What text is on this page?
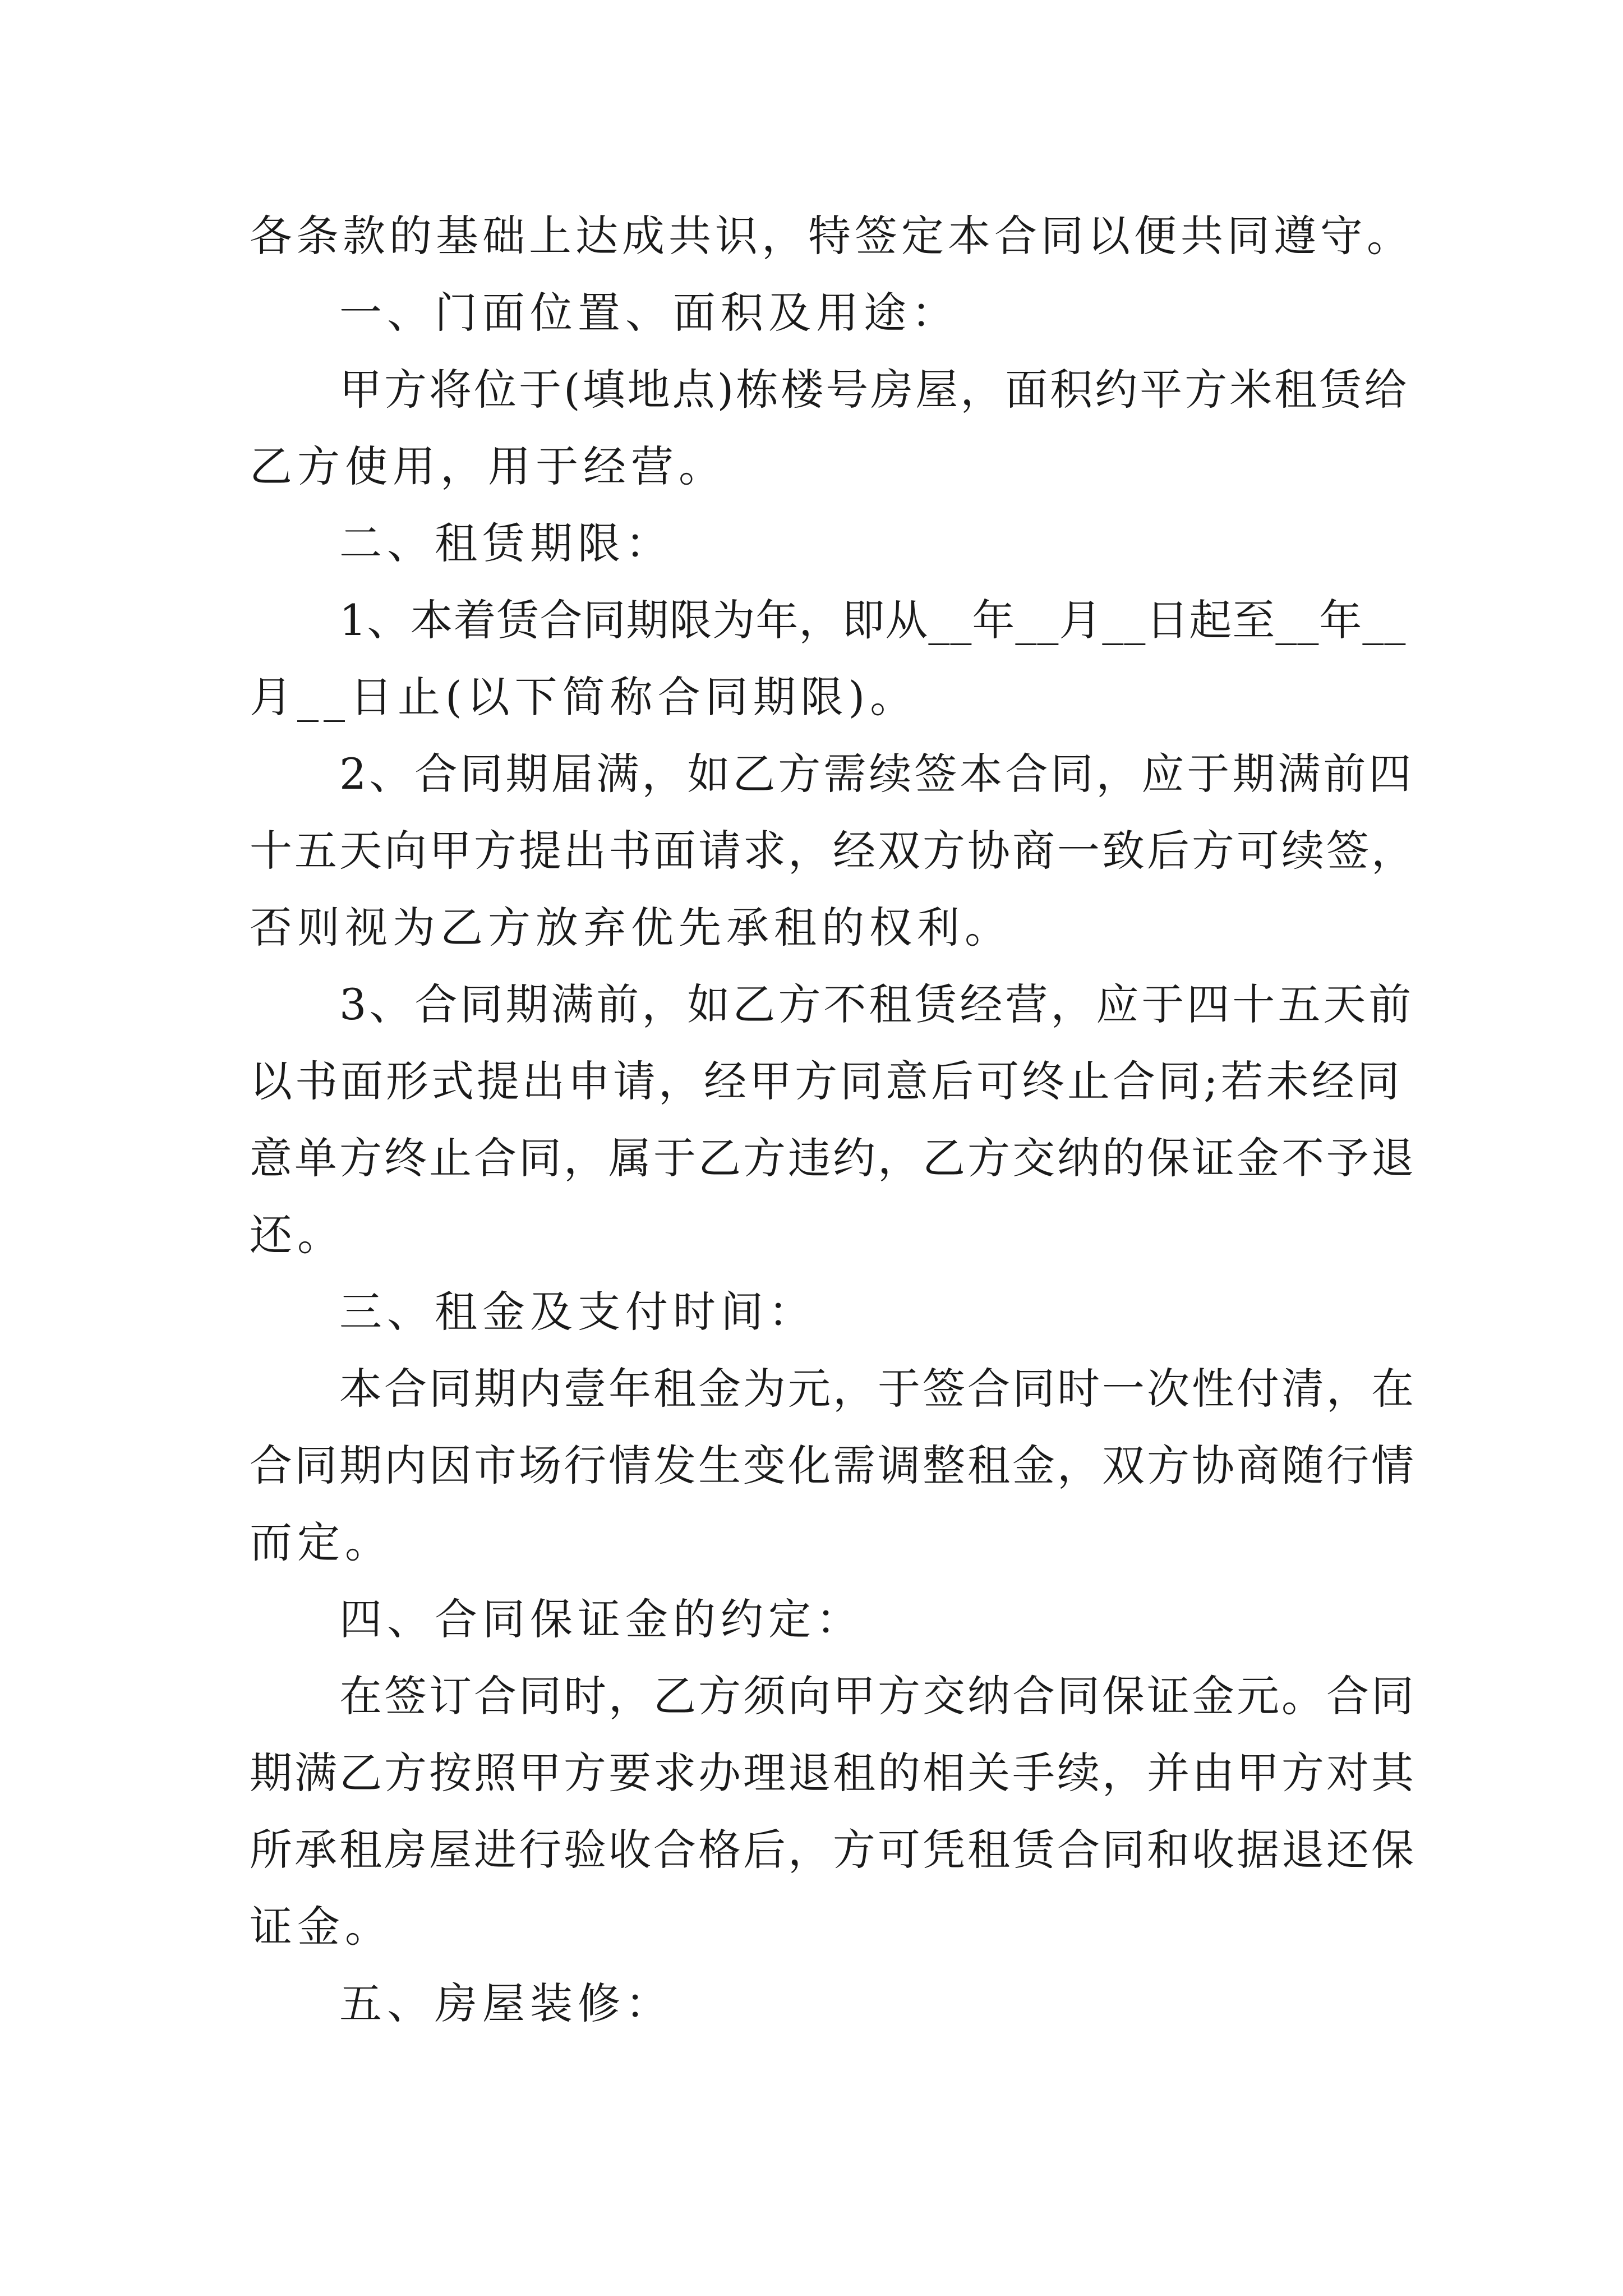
各条款的基础上达成共识，特签定本合同以便共同遵守。
一、门面位置、面积及用途：
甲方将位于(填地点)栋楼号房屋，面积约平方米租赁给
乙方使用，用于经营。
二、租赁期限：
1、本着赁合同期限为年，即从__年__月__日起至__年__
月__日止(以下简称合同期限)。
2、合同期届满，如乙方需续签本合同，应于期满前四
十五天向甲方提出书面请求，经双方协商一致后方可续签，
否则视为乙方放弃优先承租的权利。
3、合同期满前，如乙方不租赁经营，应于四十五天前
以书面形式提出申请，经甲方同意后可终止合同;若未经同
意单方终止合同，属于乙方违约，乙方交纳的保证金不予退
还。
三、租金及支付时间：
本合同期内壹年租金为元，于签合同时一次性付清，在
合同期内因市场行情发生变化需调整租金，双方协商随行情
而定。
四、合同保证金的约定：
在签订合同时，乙方须向甲方交纳合同保证金元。合同
期满乙方按照甲方要求办理退租的相关手续，并由甲方对其
所承租房屋进行验收合格后，方可凭租赁合同和收据退还保
证金。
五、房屋装修：
